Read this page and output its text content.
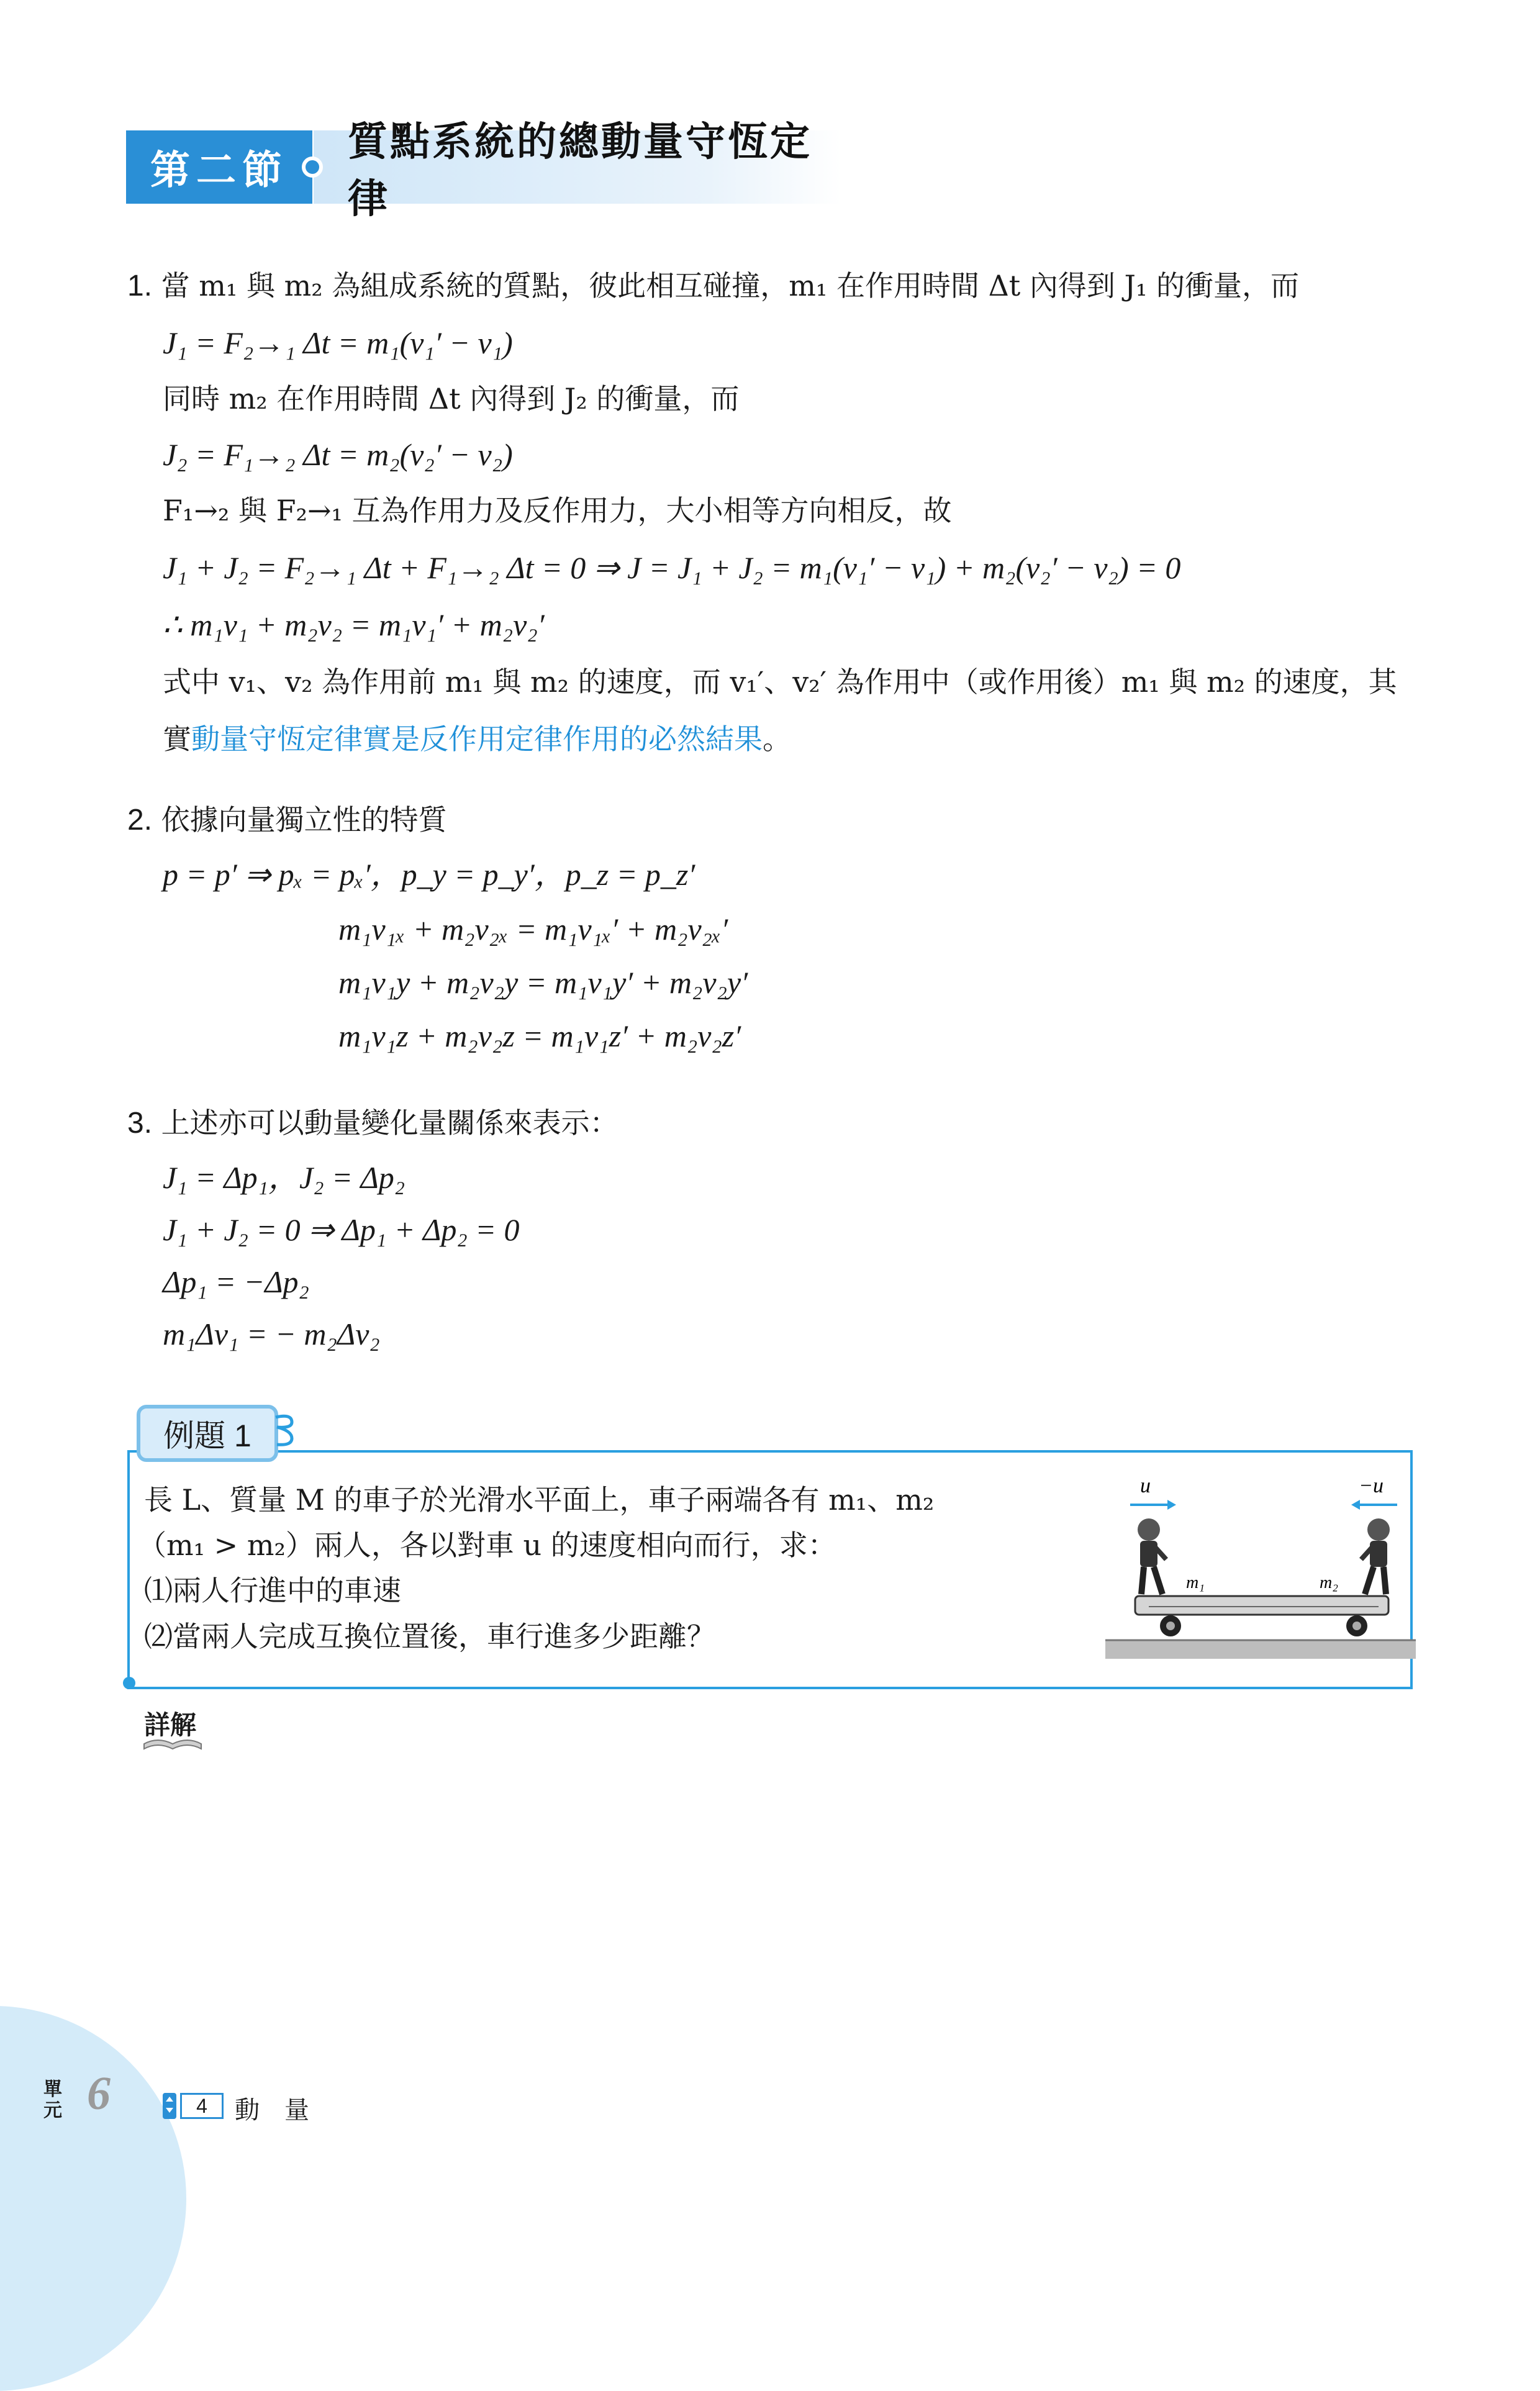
第二節
質點系統的總動量守恆定律
1. 當 m₁ 與 m₂ 為組成系統的質點，彼此相互碰撞，m₁ 在作用時間 Δt 內得到 J₁ 的衝量，而
J₁ = F₂→₁ Δt = m₁(v₁′ − v₁)
同時 m₂ 在作用時間 Δt 內得到 J₂ 的衝量，而
J₂ = F₁→₂ Δt = m₂(v₂′ − v₂)
F₁→₂ 與 F₂→₁ 互為作用力及反作用力，大小相等方向相反，故
J₁ + J₂ = F₂→₁ Δt + F₁→₂ Δt = 0 ⇒ J = J₁ + J₂ = m₁(v₁′ − v₁) + m₂(v₂′ − v₂) = 0
∴ m₁v₁ + m₂v₂ = m₁v₁′ + m₂v₂′
式中 v₁、v₂ 為作用前 m₁ 與 m₂ 的速度，而 v₁′、v₂′ 為作用中（或作用後）m₁ 與 m₂ 的速度，其
實動量守恆定律實是反作用定律作用的必然結果。
2. 依據向量獨立性的特質
p = p′ ⇒ pₓ = pₓ′，p_y = p_y′，p_z = p_z′
m₁v₁ₓ + m₂v₂ₓ = m₁v₁ₓ′ + m₂v₂ₓ′
m₁v₁y + m₂v₂y = m₁v₁y′ + m₂v₂y′
m₁v₁z + m₂v₂z = m₁v₁z′ + m₂v₂z′
3. 上述亦可以動量變化量關係來表示：
J₁ = Δp₁，J₂ = Δp₂
J₁ + J₂ = 0 ⇒ Δp₁ + Δp₂ = 0
Δp₁ = −Δp₂
m₁Δv₁ = − m₂Δv₂
例題 1
長 L、質量 M 的車子於光滑水平面上，車子兩端各有 m₁、m₂
（m₁ > m₂）兩人，各以對車 u 的速度相向而行，求：
⑴兩人行進中的車速
⑵當兩人完成互換位置後，車行進多少距離？
u	−u
m₁	m₂
詳解
單
元 6	4	動　量
